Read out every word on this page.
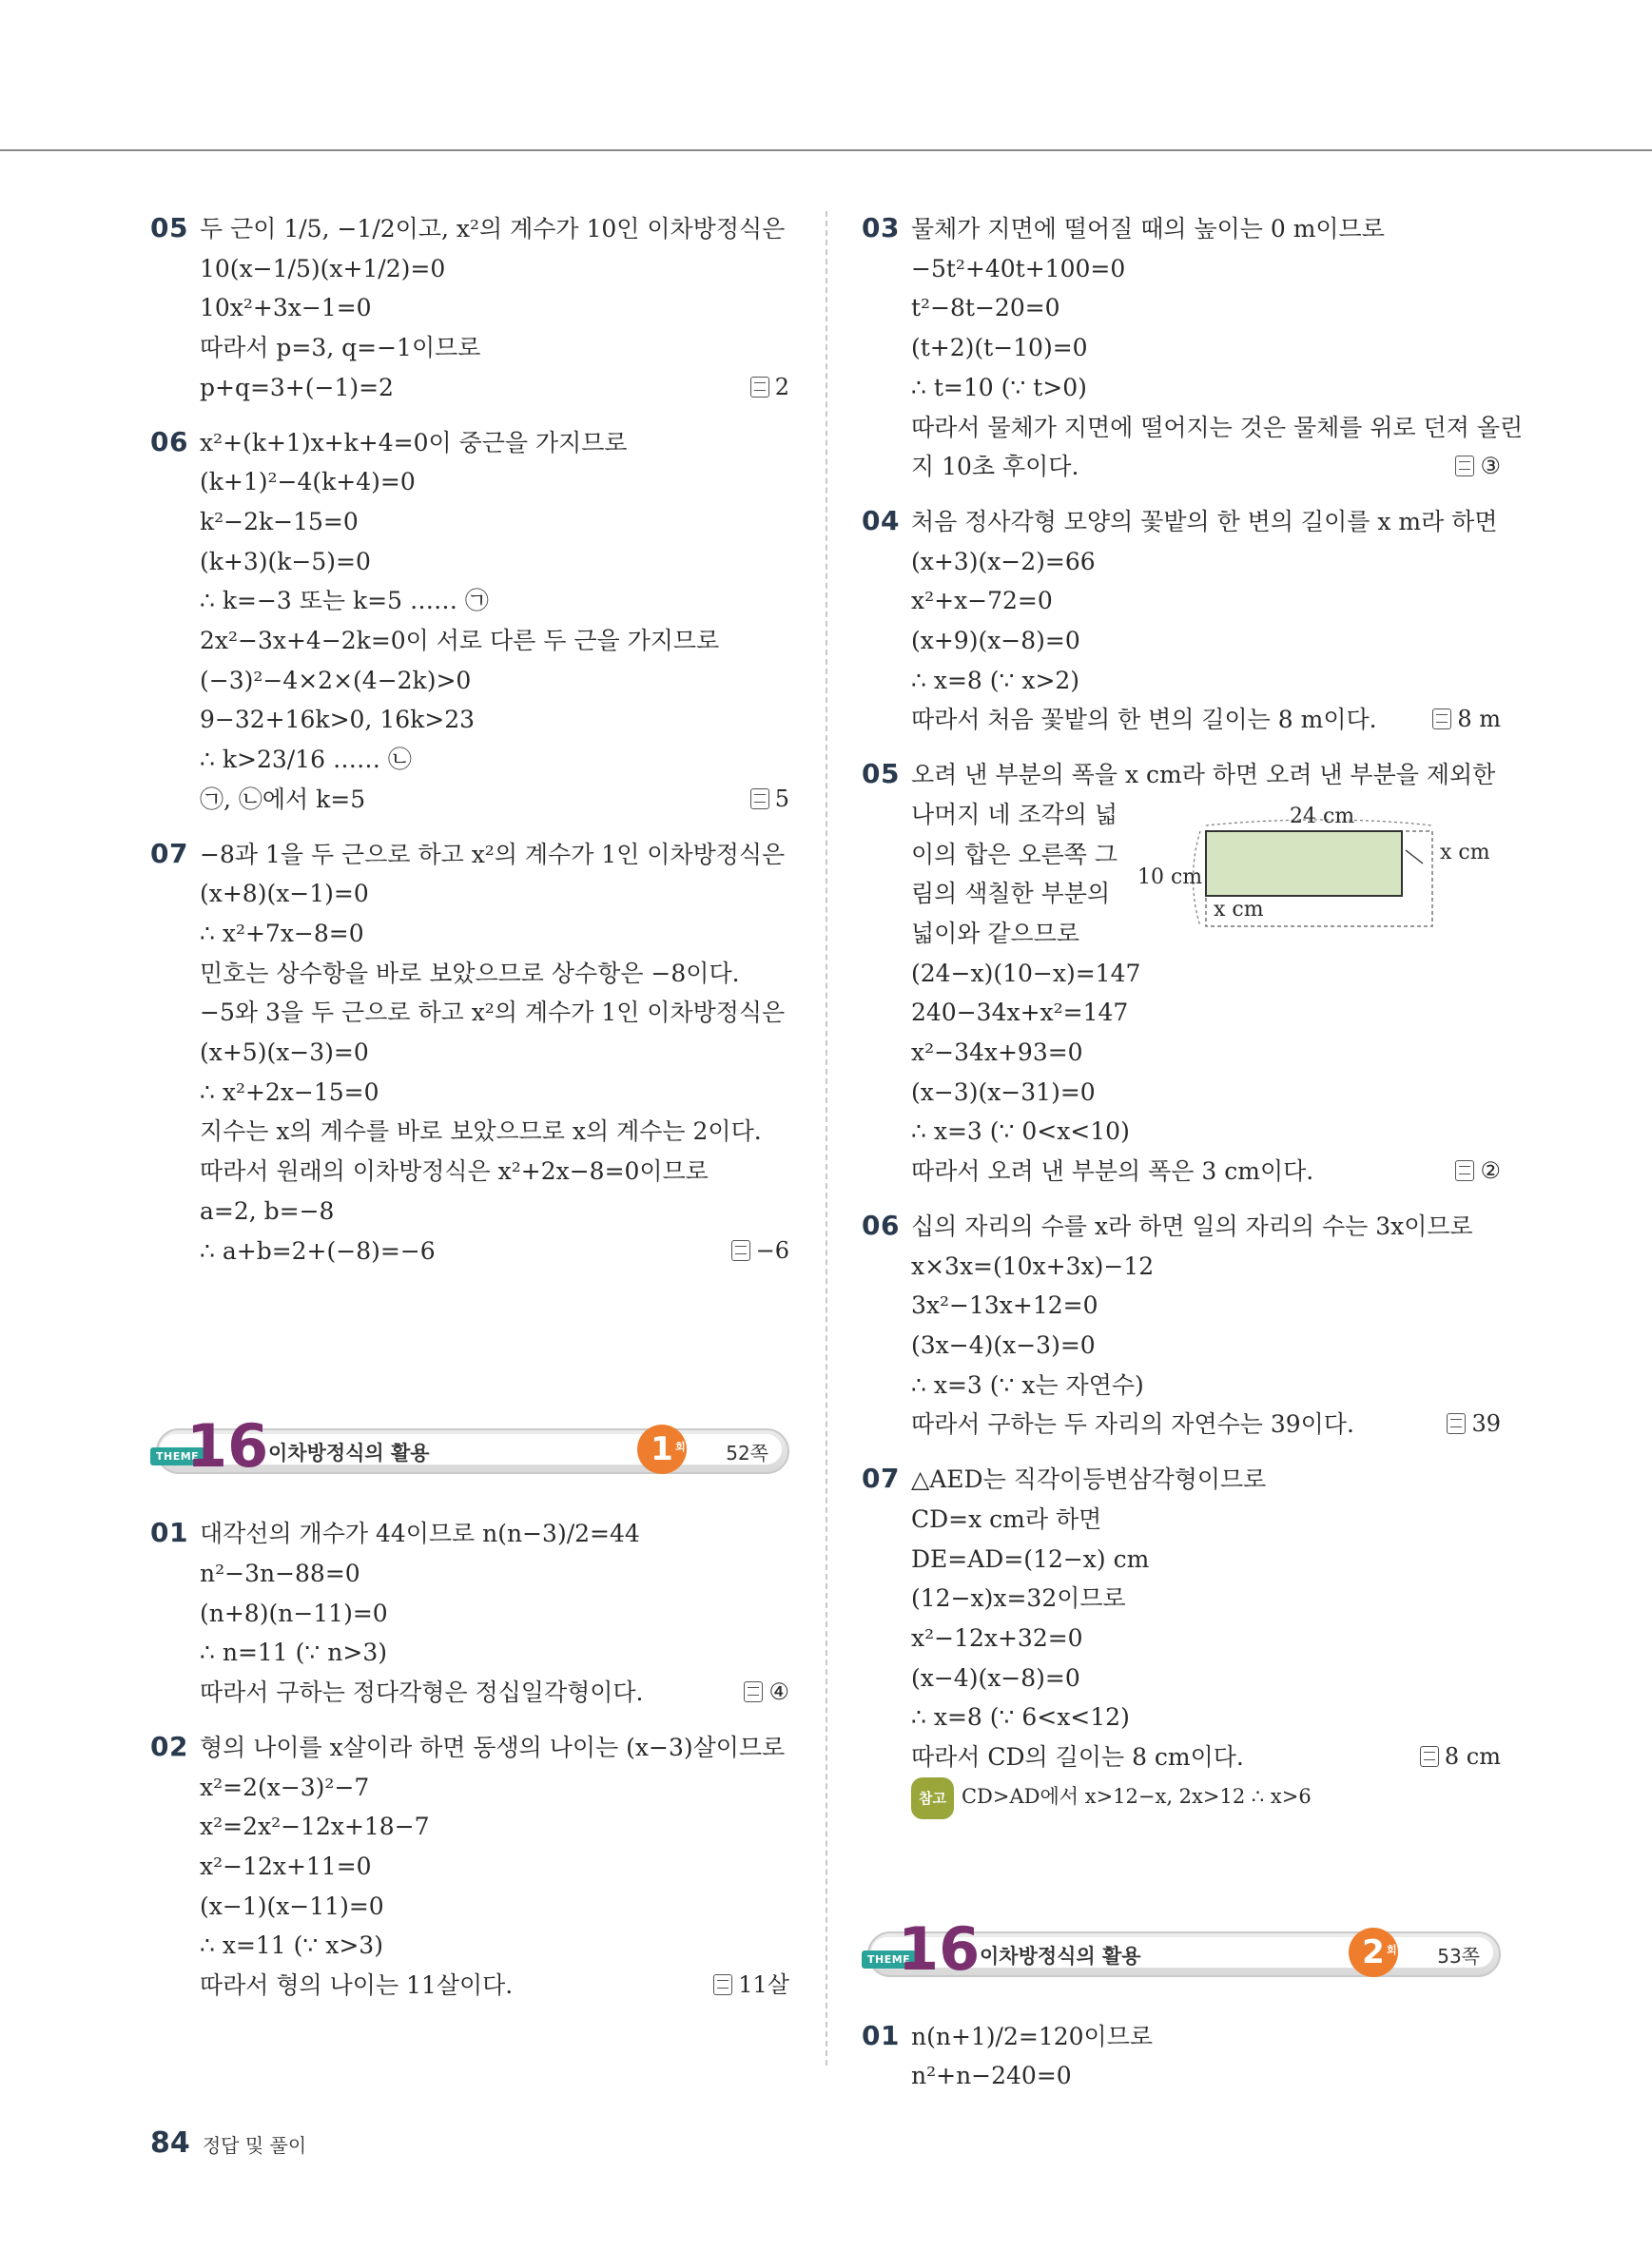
05 두 근이 1/5, −1/2이고, x²의 계수가 10인 이차방정식은
10(x−1/5)(x+1/2)=0
10x²+3x−1=0
따라서 p=3, q=−1이므로
p+q=3+(−1)=2	2
06 x²+(k+1)x+k+4=0이 중근을 가지므로
(k+1)²−4(k+4)=0
k²−2k−15=0
(k+3)(k−5)=0
∴ k=−3 또는 k=5 …… ㉠
2x²−3x+4−2k=0이 서로 다른 두 근을 가지므로
(−3)²−4×2×(4−2k)>0
9−32+16k>0, 16k>23
∴ k>23/16 …… ㉡
㉠, ㉡에서 k=5	5
07 −8과 1을 두 근으로 하고 x²의 계수가 1인 이차방정식은
(x+8)(x−1)=0
∴ x²+7x−8=0
민호는 상수항을 바로 보았으므로 상수항은 −8이다.
−5와 3을 두 근으로 하고 x²의 계수가 1인 이차방정식은
(x+5)(x−3)=0
∴ x²+2x−15=0
지수는 x의 계수를 바로 보았으므로 x의 계수는 2이다.
따라서 원래의 이차방정식은 x²+2x−8=0이므로
a=2, b=−8
∴ a+b=2+(−8)=−6	−6
THEME
16 이차방정식의 활용	1 회 52쪽
01 대각선의 개수가 44이므로 n(n−3)/2=44
n²−3n−88=0
(n+8)(n−11)=0
∴ n=11 (∵ n>3)
따라서 구하는 정다각형은 정십일각형이다.	④
02 형의 나이를 x살이라 하면 동생의 나이는 (x−3)살이므로
x²=2(x−3)²−7
x²=2x²−12x+18−7
x²−12x+11=0
(x−1)(x−11)=0
∴ x=11 (∵ x>3)
따라서 형의 나이는 11살이다.	11살
03 물체가 지면에 떨어질 때의 높이는 0 m이므로
−5t²+40t+100=0
t²−8t−20=0
(t+2)(t−10)=0
∴ t=10 (∵ t>0)
따라서 물체가 지면에 떨어지는 것은 물체를 위로 던져 올린
지 10초 후이다.	③
04 처음 정사각형 모양의 꽃밭의 한 변의 길이를 x m라 하면
(x+3)(x−2)=66
x²+x−72=0
(x+9)(x−8)=0
∴ x=8 (∵ x>2)
따라서 처음 꽃밭의 한 변의 길이는 8 m이다.	8 m
05 오려 낸 부분의 폭을 x cm라 하면 오려 낸 부분을 제외한
나머지 네 조각의 넓
이의 합은 오른쪽 그
림의 색칠한 부분의
넓이와 같으므로
(24−x)(10−x)=147
240−34x+x²=147
x²−34x+93=0
(x−3)(x−31)=0
∴ x=3 (∵ 0<x<10)
따라서 오려 낸 부분의 폭은 3 cm이다.	②
24 cm
10 cm
x cm
x cm
06 십의 자리의 수를 x라 하면 일의 자리의 수는 3x이므로
x×3x=(10x+3x)−12
3x²−13x+12=0
(3x−4)(x−3)=0
∴ x=3 (∵ x는 자연수)
따라서 구하는 두 자리의 자연수는 39이다.	39
07 △AED는 직각이등변삼각형이므로
CD=x cm라 하면
DE=AD=(12−x) cm
(12−x)x=32이므로
x²−12x+32=0
(x−4)(x−8)=0
∴ x=8 (∵ 6<x<12)
따라서 CD의 길이는 8 cm이다.	8 cm
참고 CD>AD에서 x>12−x, 2x>12 ∴ x>6
THEME
16 이차방정식의 활용	2 회 53쪽
01 n(n+1)/2=120이므로
n²+n−240=0
84 정답 및 풀이
